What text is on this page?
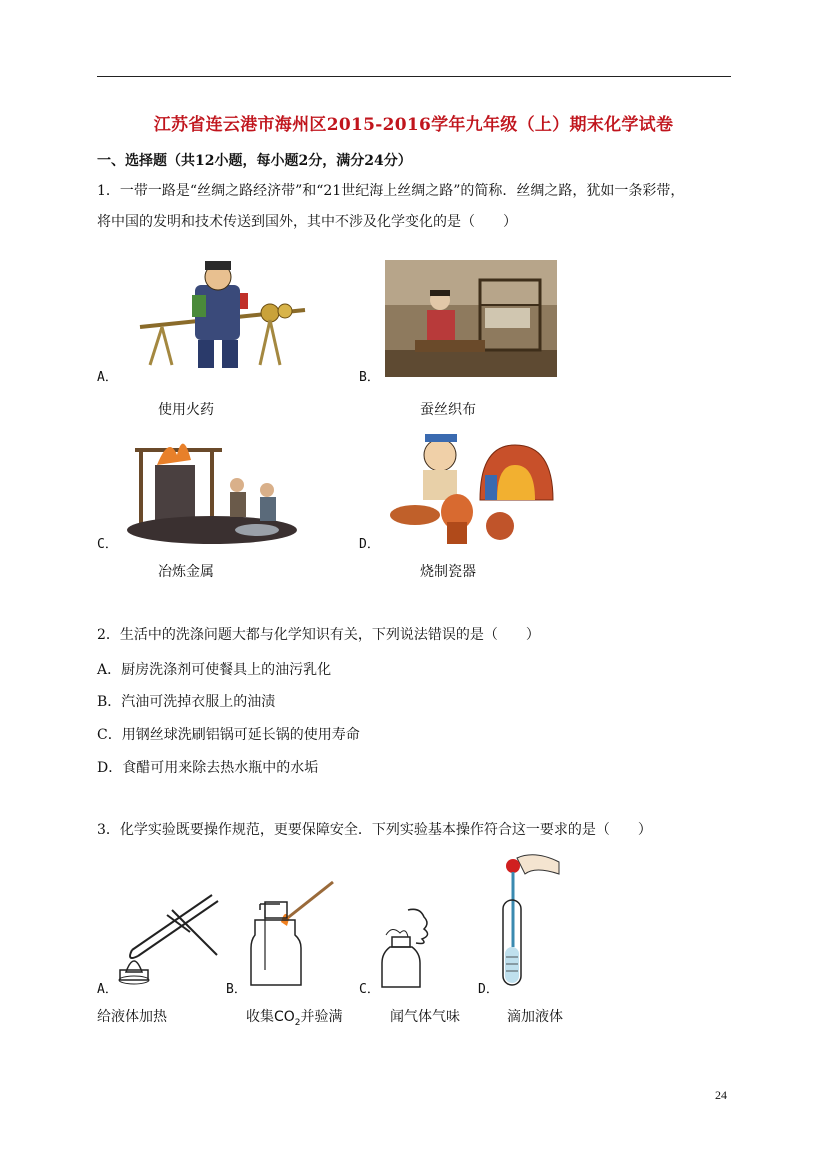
江苏省连云港市海州区2015-2016学年九年级（上）期末化学试卷
一、选择题（共12小题，每小题2分，满分24分）
1．一带一路是“丝绸之路经济带”和“21世纪海上丝绸之路”的简称．丝绸之路，犹如一条彩带，
将中国的发明和技术传送到国外，其中不涉及化学变化的是（　　）
A．
使用火药
B．
蚕丝织布
C．
冶炼金属
D．
烧制瓷器
2．生活中的洗涤问题大都与化学知识有关，下列说法错误的是（　　）
A．厨房洗涤剂可使餐具上的油污乳化
B．汽油可洗掉衣服上的油渍
C．用钢丝球洗刷铝锅可延长锅的使用寿命
D．食醋可用来除去热水瓶中的水垢
3．化学实验既要操作规范，更要保障安全．下列实验基本操作符合这一要求的是（　　）
A．
给液体加热
B．
收集$CO_2$并验满
C．
闻气体气味
D．
滴加液体
24
